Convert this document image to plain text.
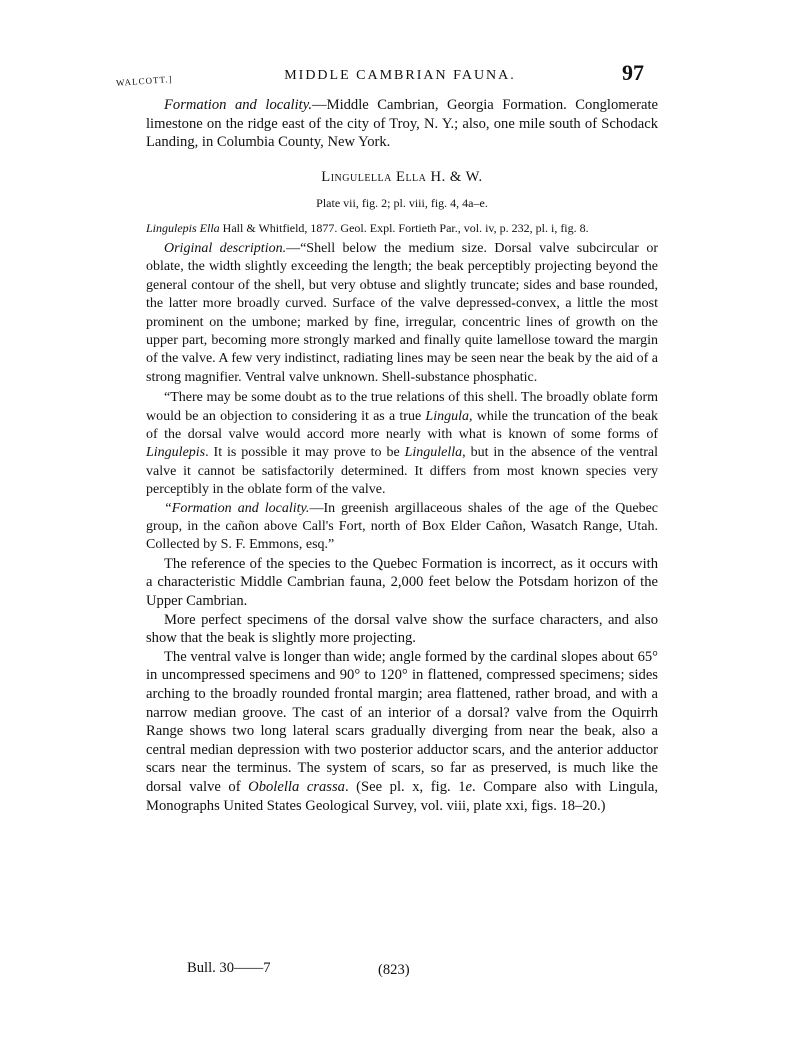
WALCOTT.]	MIDDLE CAMBRIAN FAUNA.	97

Formation and locality.—Middle Cambrian, Georgia Formation. Conglomerate limestone on the ridge east of the city of Troy, N. Y.; also, one mile south of Schodack Landing, in Columbia County, New York.

Lingulella Ella H. & W.

Plate vii, fig. 2; pl. viii, fig. 4, 4a–e.

Lingulepis Ella Hall & Whitfield, 1877. Geol. Expl. Fortieth Par., vol. iv, p. 232, pl. i, fig. 8.

Original description.—“Shell below the medium size. Dorsal valve subcircular or oblate, the width slightly exceeding the length; the beak perceptibly projecting beyond the general contour of the shell, but very obtuse and slightly truncate; sides and base rounded, the latter more broadly curved. Surface of the valve depressed-convex, a little the most prominent on the umbone; marked by fine, irregular, concentric lines of growth on the upper part, becoming more strongly marked and finally quite lamellose toward the margin of the valve. A few very indistinct, radiating lines may be seen near the beak by the aid of a strong magnifier. Ventral valve unknown. Shell-substance phosphatic.

“There may be some doubt as to the true relations of this shell. The broadly oblate form would be an objection to considering it as a true Lingula, while the truncation of the beak of the dorsal valve would accord more nearly with what is known of some forms of Lingulepis. It is possible it may prove to be Lingulella, but in the absence of the ventral valve it cannot be satisfactorily determined. It differs from most known species very perceptibly in the oblate form of the valve.

“Formation and locality.—In greenish argillaceous shales of the age of the Quebec group, in the cañon above Call's Fort, north of Box Elder Cañon, Wasatch Range, Utah. Collected by S. F. Emmons, esq.”

The reference of the species to the Quebec Formation is incorrect, as it occurs with a characteristic Middle Cambrian fauna, 2,000 feet below the Potsdam horizon of the Upper Cambrian.

More perfect specimens of the dorsal valve show the surface characters, and also show that the beak is slightly more projecting.

The ventral valve is longer than wide; angle formed by the cardinal slopes about 65° in uncompressed specimens and 90° to 120° in flattened, compressed specimens; sides arching to the broadly rounded frontal margin; area flattened, rather broad, and with a narrow median groove. The cast of an interior of a dorsal? valve from the Oquirrh Range shows two long lateral scars gradually diverging from near the beak, also a central median depression with two posterior adductor scars, and the anterior adductor scars near the terminus. The system of scars, so far as preserved, is much like the dorsal valve of Obolella crassa. (See pl. x, fig. 1e. Compare also with Lingula, Monographs United States Geological Survey, vol. viii, plate xxi, figs. 18–20.)

Bull. 30——7	(823)
